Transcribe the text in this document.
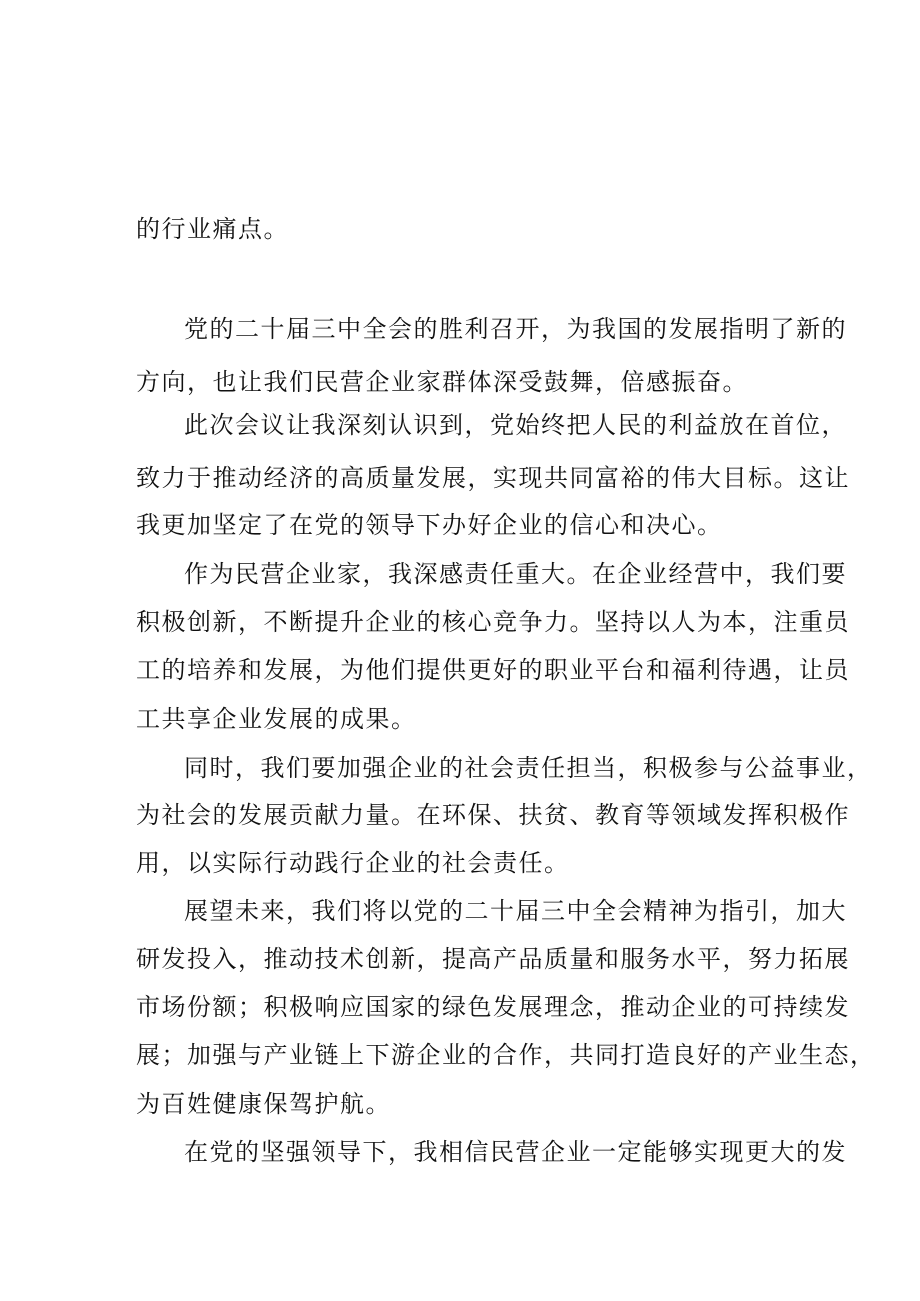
的行业痛点。
党的二十届三中全会的胜利召开，为我国的发展指明了新的
方向，也让我们民营企业家群体深受鼓舞，倍感振奋。
此次会议让我深刻认识到，党始终把人民的利益放在首位，
致力于推动经济的高质量发展，实现共同富裕的伟大目标。这让
我更加坚定了在党的领导下办好企业的信心和决心。
作为民营企业家，我深感责任重大。在企业经营中，我们要
积极创新，不断提升企业的核心竞争力。坚持以人为本，注重员
工的培养和发展，为他们提供更好的职业平台和福利待遇，让员
工共享企业发展的成果。
同时，我们要加强企业的社会责任担当，积极参与公益事业，
为社会的发展贡献力量。在环保、扶贫、教育等领域发挥积极作
用，以实际行动践行企业的社会责任。
展望未来，我们将以党的二十届三中全会精神为指引，加大
研发投入，推动技术创新，提高产品质量和服务水平，努力拓展
市场份额；积极响应国家的绿色发展理念，推动企业的可持续发
展；加强与产业链上下游企业的合作，共同打造良好的产业生态，
为百姓健康保驾护航。
在党的坚强领导下，我相信民营企业一定能够实现更大的发
